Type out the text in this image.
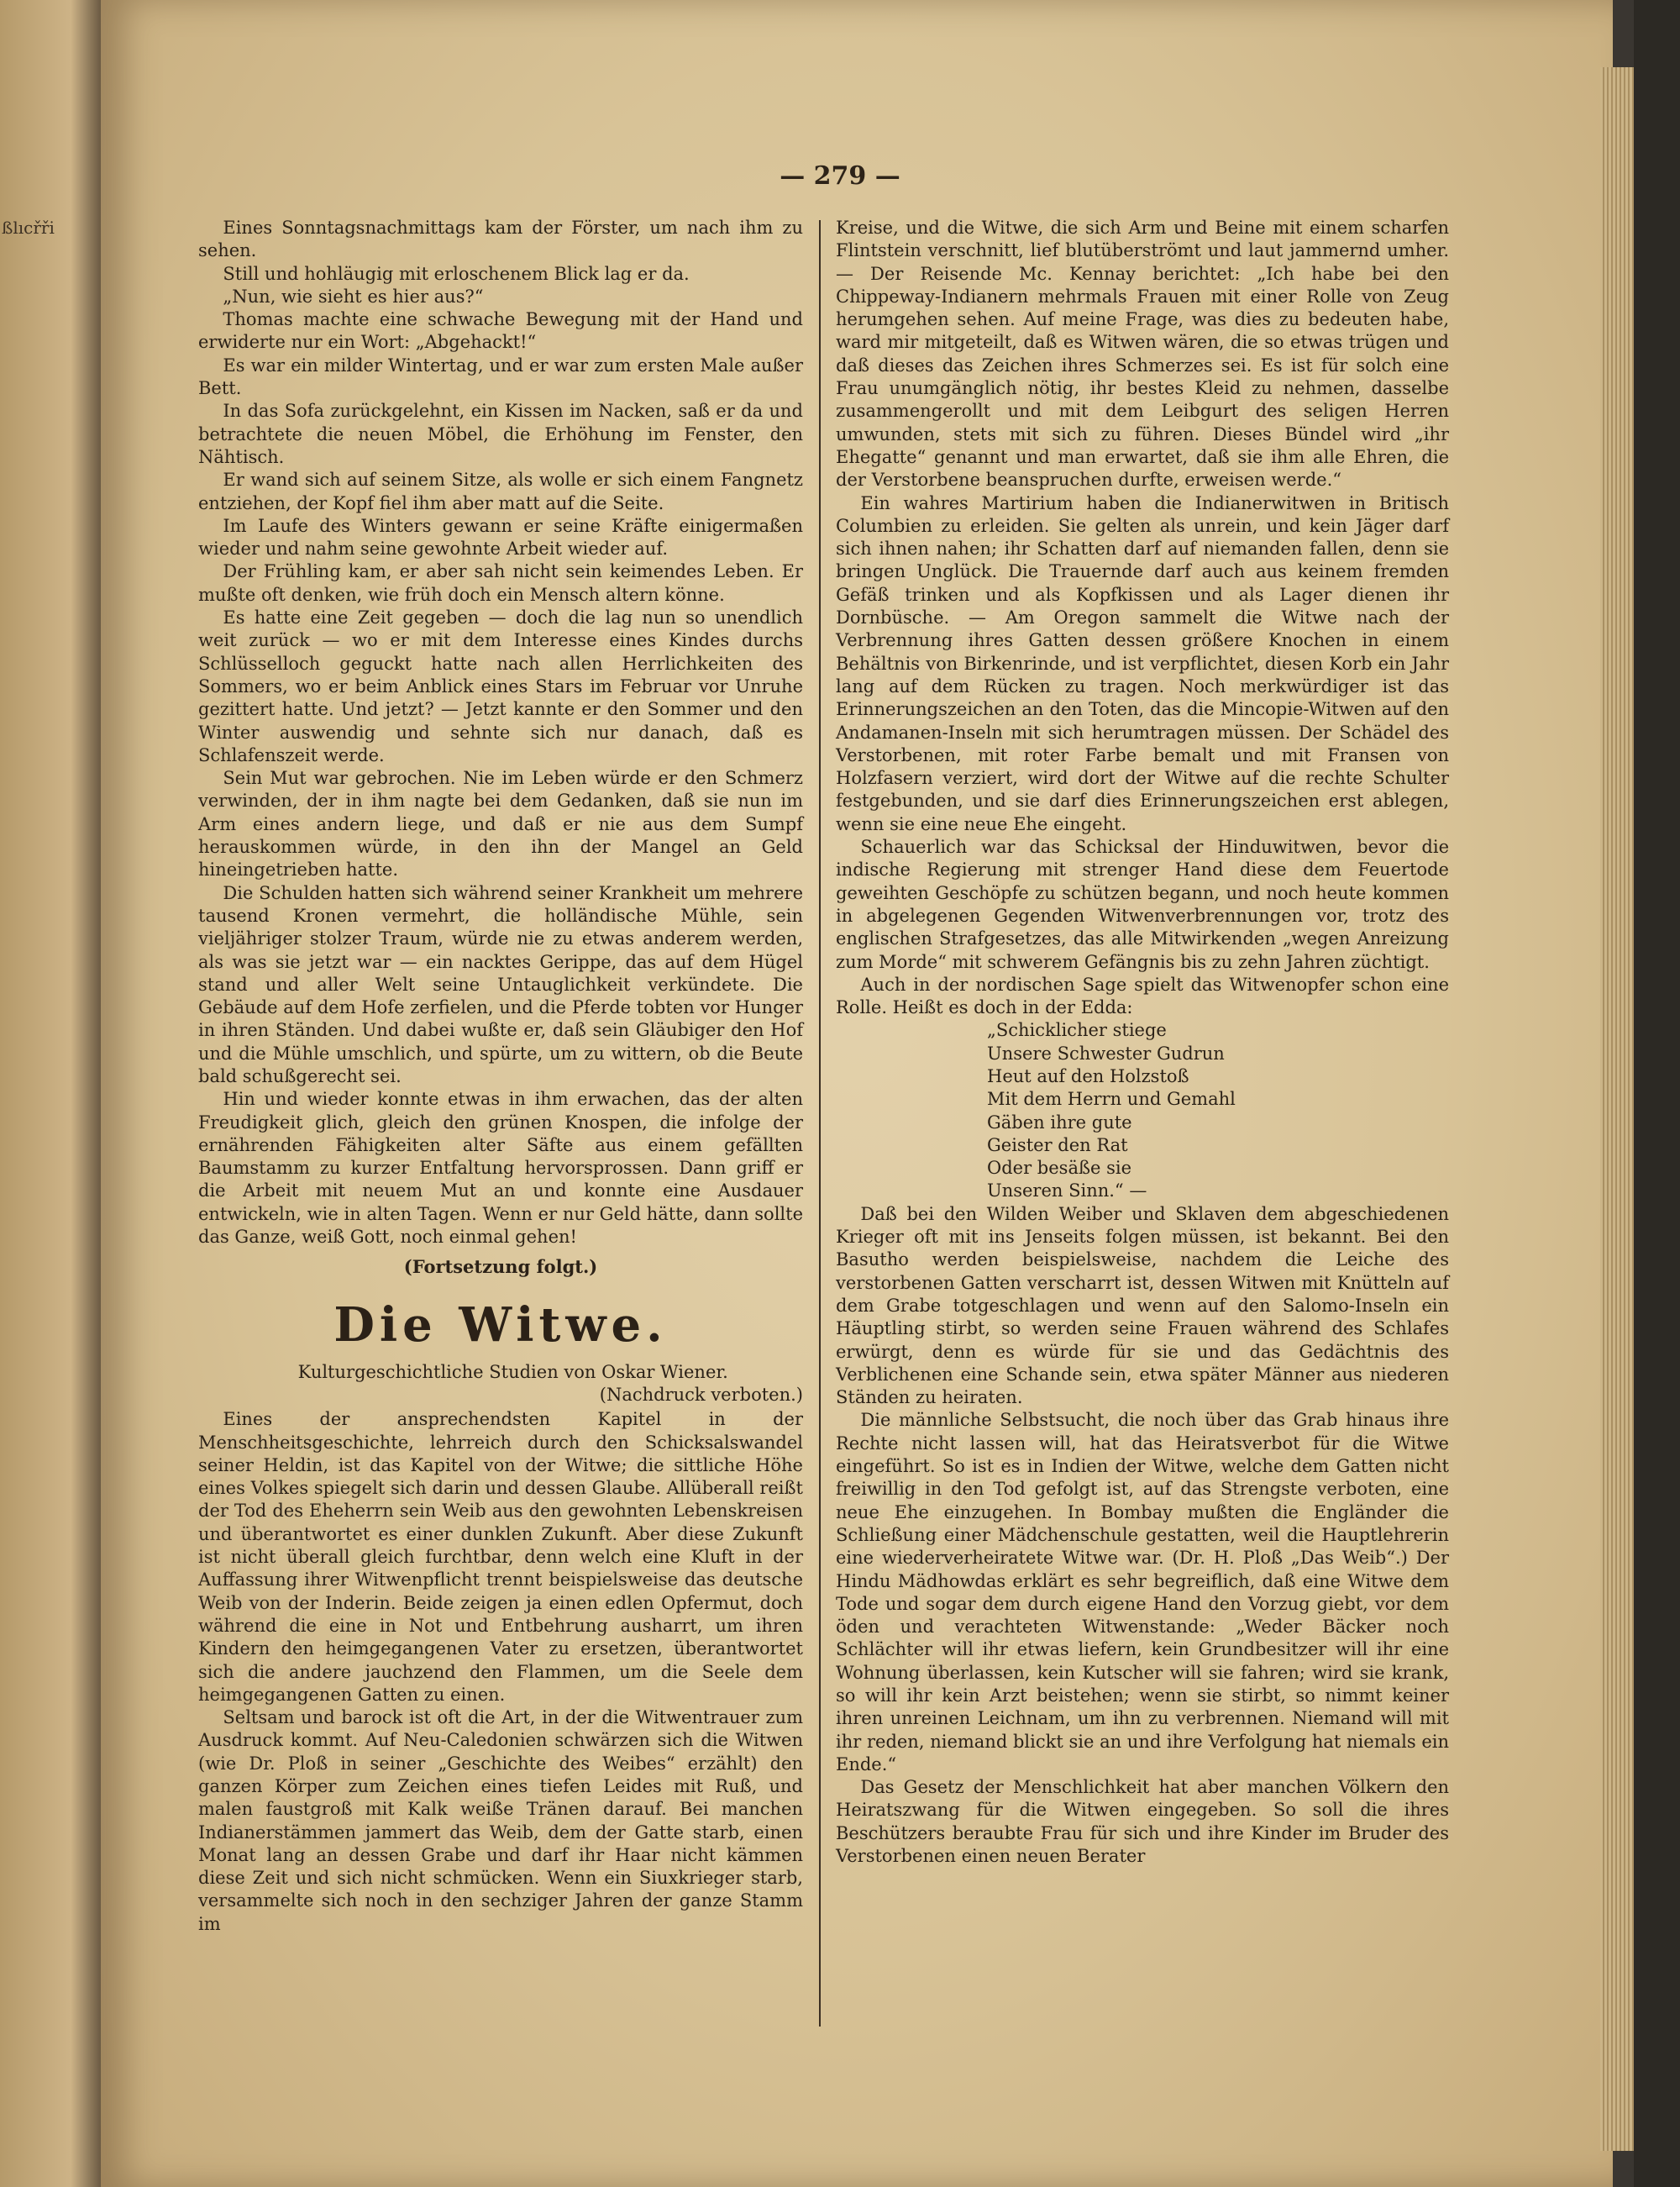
ßlıcřři
— 279 —

Eines Sonntagsnachmittags kam der Förster, um nach ihm zu sehen.

Still und hohläugig mit erloschenem Blick lag er da.

„Nun, wie sieht es hier aus?“

Thomas machte eine schwache Bewegung mit der Hand und erwiderte nur ein Wort: „Abgehackt!“

Es war ein milder Wintertag, und er war zum ersten Male außer Bett.

In das Sofa zurückgelehnt, ein Kissen im Nacken, saß er da und betrachtete die neuen Möbel, die Erhöhung im Fenster, den Nähtisch.

Er wand sich auf seinem Sitze, als wolle er sich einem Fangnetz entziehen, der Kopf fiel ihm aber matt auf die Seite.

Im Laufe des Winters gewann er seine Kräfte einigermaßen wieder und nahm seine gewohnte Arbeit wieder auf.

Der Frühling kam, er aber sah nicht sein keimendes Leben. Er mußte oft denken, wie früh doch ein Mensch altern könne.

Es hatte eine Zeit gegeben — doch die lag nun so unendlich weit zurück — wo er mit dem Interesse eines Kindes durchs Schlüsselloch geguckt hatte nach allen Herrlichkeiten des Sommers, wo er beim Anblick eines Stars im Februar vor Unruhe gezittert hatte. Und jetzt? — Jetzt kannte er den Sommer und den Winter auswendig und sehnte sich nur danach, daß es Schlafenszeit werde.

Sein Mut war gebrochen. Nie im Leben würde er den Schmerz verwinden, der in ihm nagte bei dem Gedanken, daß sie nun im Arm eines andern liege, und daß er nie aus dem Sumpf herauskommen würde, in den ihn der Mangel an Geld hineingetrieben hatte.

Die Schulden hatten sich während seiner Krankheit um mehrere tausend Kronen vermehrt, die holländische Mühle, sein vieljähriger stolzer Traum, würde nie zu etwas anderem werden, als was sie jetzt war — ein nacktes Gerippe, das auf dem Hügel stand und aller Welt seine Untauglichkeit verkündete. Die Gebäude auf dem Hofe zerfielen, und die Pferde tobten vor Hunger in ihren Ständen. Und dabei wußte er, daß sein Gläubiger den Hof und die Mühle umschlich, und spürte, um zu wittern, ob die Beute bald schußgerecht sei.

Hin und wieder konnte etwas in ihm erwachen, das der alten Freudigkeit glich, gleich den grünen Knospen, die infolge der ernährenden Fähigkeiten alter Säfte aus einem gefällten Baumstamm zu kurzer Entfaltung hervorsprossen. Dann griff er die Arbeit mit neuem Mut an und konnte eine Ausdauer entwickeln, wie in alten Tagen. Wenn er nur Geld hätte, dann sollte das Ganze, weiß Gott, noch einmal gehen!

(Fortsetzung folgt.)
Die Witwe.

Kulturgeschichtliche Studien von Oskar Wiener.

(Nachdruck verboten.)

Eines der ansprechendsten Kapitel in der Menschheitsgeschichte, lehrreich durch den Schicksalswandel seiner Heldin, ist das Kapitel von der Witwe; die sittliche Höhe eines Volkes spiegelt sich darin und dessen Glaube. Allüberall reißt der Tod des Eheherrn sein Weib aus den gewohnten Lebenskreisen und überantwortet es einer dunklen Zukunft. Aber diese Zukunft ist nicht überall gleich furchtbar, denn welch eine Kluft in der Auffassung ihrer Witwenpflicht trennt beispielsweise das deutsche Weib von der Inderin. Beide zeigen ja einen edlen Opfermut, doch während die eine in Not und Entbehrung ausharrt, um ihren Kindern den heimgegangenen Vater zu ersetzen, überantwortet sich die andere jauchzend den Flammen, um die Seele dem heimgegangenen Gatten zu einen.

Seltsam und barock ist oft die Art, in der die Witwentrauer zum Ausdruck kommt. Auf Neu-Caledonien schwärzen sich die Witwen (wie Dr. Ploß in seiner „Geschichte des Weibes“ erzählt) den ganzen Körper zum Zeichen eines tiefen Leides mit Ruß, und malen faustgroß mit Kalk weiße Tränen darauf. Bei manchen Indianerstämmen jammert das Weib, dem der Gatte starb, einen Monat lang an dessen Grabe und darf ihr Haar nicht kämmen diese Zeit und sich nicht schmücken. Wenn ein Siuxkrieger starb, versammelte sich noch in den sechziger Jahren der ganze Stamm im

Kreise, und die Witwe, die sich Arm und Beine mit einem scharfen Flintstein verschnitt, lief blutüberströmt und laut jammernd umher. — Der Reisende Mc. Kennay berichtet: „Ich habe bei den Chippeway-Indianern mehrmals Frauen mit einer Rolle von Zeug herumgehen sehen. Auf meine Frage, was dies zu bedeuten habe, ward mir mitgeteilt, daß es Witwen wären, die so etwas trügen und daß dieses das Zeichen ihres Schmerzes sei. Es ist für solch eine Frau unumgänglich nötig, ihr bestes Kleid zu nehmen, dasselbe zusammengerollt und mit dem Leibgurt des seligen Herren umwunden, stets mit sich zu führen. Dieses Bündel wird „ihr Ehegatte“ genannt und man erwartet, daß sie ihm alle Ehren, die der Verstorbene beanspruchen durfte, erweisen werde.“

Ein wahres Martirium haben die Indianerwitwen in Britisch Columbien zu erleiden. Sie gelten als unrein, und kein Jäger darf sich ihnen nahen; ihr Schatten darf auf niemanden fallen, denn sie bringen Unglück. Die Trauernde darf auch aus keinem fremden Gefäß trinken und als Kopfkissen und als Lager dienen ihr Dornbüsche. — Am Oregon sammelt die Witwe nach der Verbrennung ihres Gatten dessen größere Knochen in einem Behältnis von Birkenrinde, und ist verpflichtet, diesen Korb ein Jahr lang auf dem Rücken zu tragen. Noch merkwürdiger ist das Erinnerungszeichen an den Toten, das die Mincopie-Witwen auf den Andamanen-Inseln mit sich herumtragen müssen. Der Schädel des Verstorbenen, mit roter Farbe bemalt und mit Fransen von Holzfasern verziert, wird dort der Witwe auf die rechte Schulter festgebunden, und sie darf dies Erinnerungszeichen erst ablegen, wenn sie eine neue Ehe eingeht.

Schauerlich war das Schicksal der Hinduwitwen, bevor die indische Regierung mit strenger Hand diese dem Feuertode geweihten Geschöpfe zu schützen begann, und noch heute kommen in abgelegenen Gegenden Witwenverbrennungen vor, trotz des englischen Strafgesetzes, das alle Mitwirkenden „wegen Anreizung zum Morde“ mit schwerem Gefängnis bis zu zehn Jahren züchtigt.

Auch in der nordischen Sage spielt das Witwenopfer schon eine Rolle. Heißt es doch in der Edda:

„Schicklicher stiege
Unsere Schwester Gudrun
Heut auf den Holzstoß
Mit dem Herrn und Gemahl
Gäben ihre gute
Geister den Rat
Oder besäße sie
Unseren Sinn.“ —

Daß bei den Wilden Weiber und Sklaven dem abgeschiedenen Krieger oft mit ins Jenseits folgen müssen, ist bekannt. Bei den Basutho werden beispielsweise, nachdem die Leiche des verstorbenen Gatten verscharrt ist, dessen Witwen mit Knütteln auf dem Grabe totgeschlagen und wenn auf den Salomo-Inseln ein Häuptling stirbt, so werden seine Frauen während des Schlafes erwürgt, denn es würde für sie und das Gedächtnis des Verblichenen eine Schande sein, etwa später Männer aus niederen Ständen zu heiraten.

Die männliche Selbstsucht, die noch über das Grab hinaus ihre Rechte nicht lassen will, hat das Heiratsverbot für die Witwe eingeführt. So ist es in Indien der Witwe, welche dem Gatten nicht freiwillig in den Tod gefolgt ist, auf das Strengste verboten, eine neue Ehe einzugehen. In Bombay mußten die Engländer die Schließung einer Mädchenschule gestatten, weil die Hauptlehrerin eine wiederverheiratete Witwe war. (Dr. H. Ploß „Das Weib“.) Der Hindu Mädhowdas erklärt es sehr begreiflich, daß eine Witwe dem Tode und sogar dem durch eigene Hand den Vorzug giebt, vor dem öden und verachteten Witwenstande: „Weder Bäcker noch Schlächter will ihr etwas liefern, kein Grundbesitzer will ihr eine Wohnung überlassen, kein Kutscher will sie fahren; wird sie krank, so will ihr kein Arzt beistehen; wenn sie stirbt, so nimmt keiner ihren unreinen Leichnam, um ihn zu verbrennen. Niemand will mit ihr reden, niemand blickt sie an und ihre Verfolgung hat niemals ein Ende.“

Das Gesetz der Menschlichkeit hat aber manchen Völkern den Heiratszwang für die Witwen eingegeben. So soll die ihres Beschützers beraubte Frau für sich und ihre Kinder im Bruder des Verstorbenen einen neuen Berater
